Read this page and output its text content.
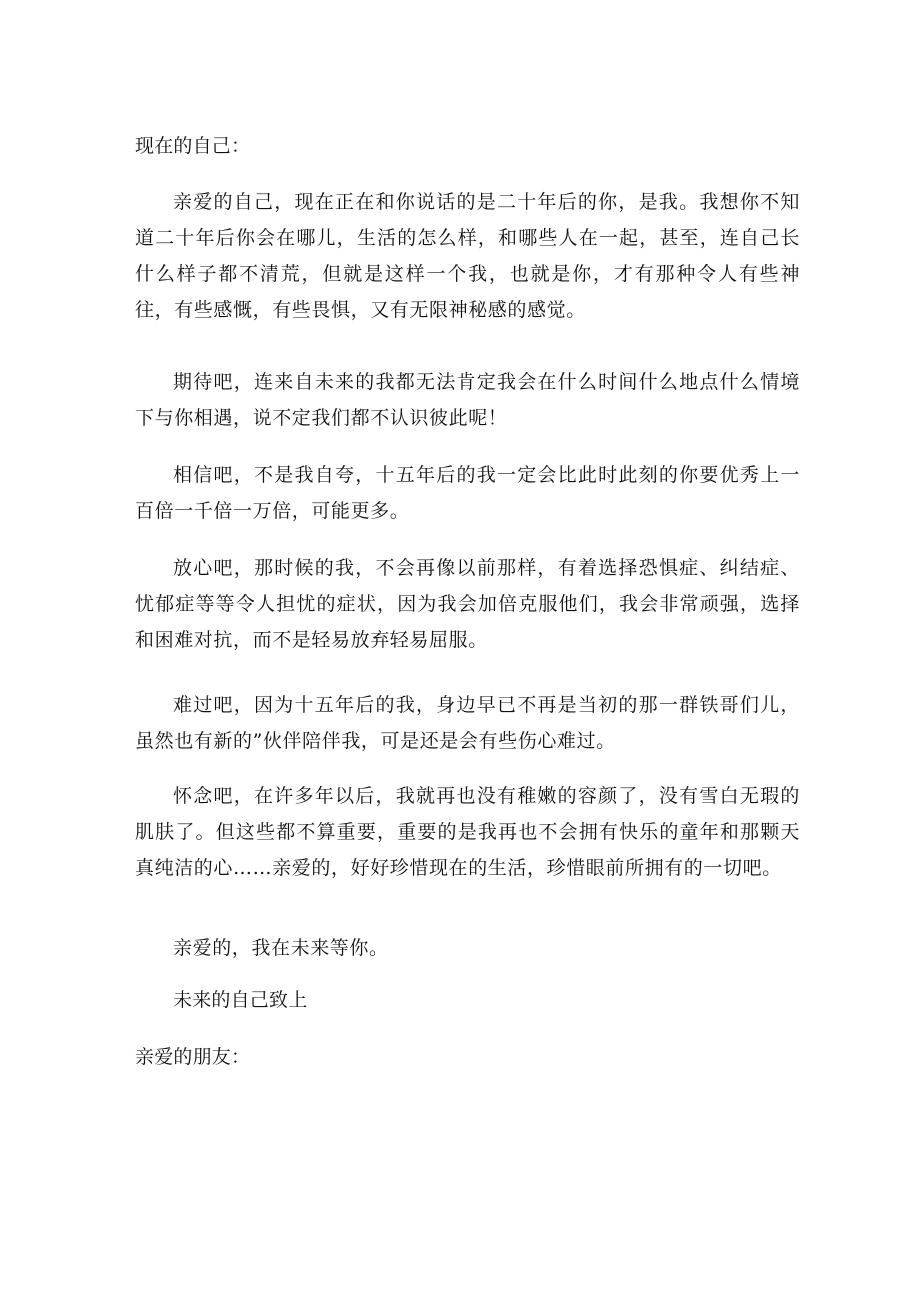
现在的自己：
亲爱的自己，现在正在和你说话的是二十年后的你，是我。我想你不知道二十年后你会在哪儿，生活的怎么样，和哪些人在一起，甚至，连自己长什么样子都不清荒，但就是这样一个我，也就是你，才有那种令人有些神往，有些感慨，有些畏惧，又有无限神秘感的感觉。
期待吧，连来自未来的我都无法肯定我会在什么时间什么地点什么情境下与你相遇，说不定我们都不认识彼此呢！
相信吧，不是我自夸，十五年后的我一定会比此时此刻的你要优秀上一百倍一千倍一万倍，可能更多。
放心吧，那时候的我，不会再像以前那样，有着选择恐惧症、纠结症、忧郁症等等令人担忧的症状，因为我会加倍克服他们，我会非常顽强，选择和困难对抗，而不是轻易放弃轻易屈服。
难过吧，因为十五年后的我，身边早已不再是当初的那一群铁哥们儿，虽然也有新的”伙伴陪伴我，可是还是会有些伤心难过。
怀念吧，在许多年以后，我就再也没有稚嫩的容颜了，没有雪白无瑕的肌肤了。但这些都不算重要，重要的是我再也不会拥有快乐的童年和那颗天真纯洁的心……亲爱的，好好珍惜现在的生活，珍惜眼前所拥有的一切吧。
亲爱的，我在未来等你。
未来的自己致上
亲爱的朋友：
